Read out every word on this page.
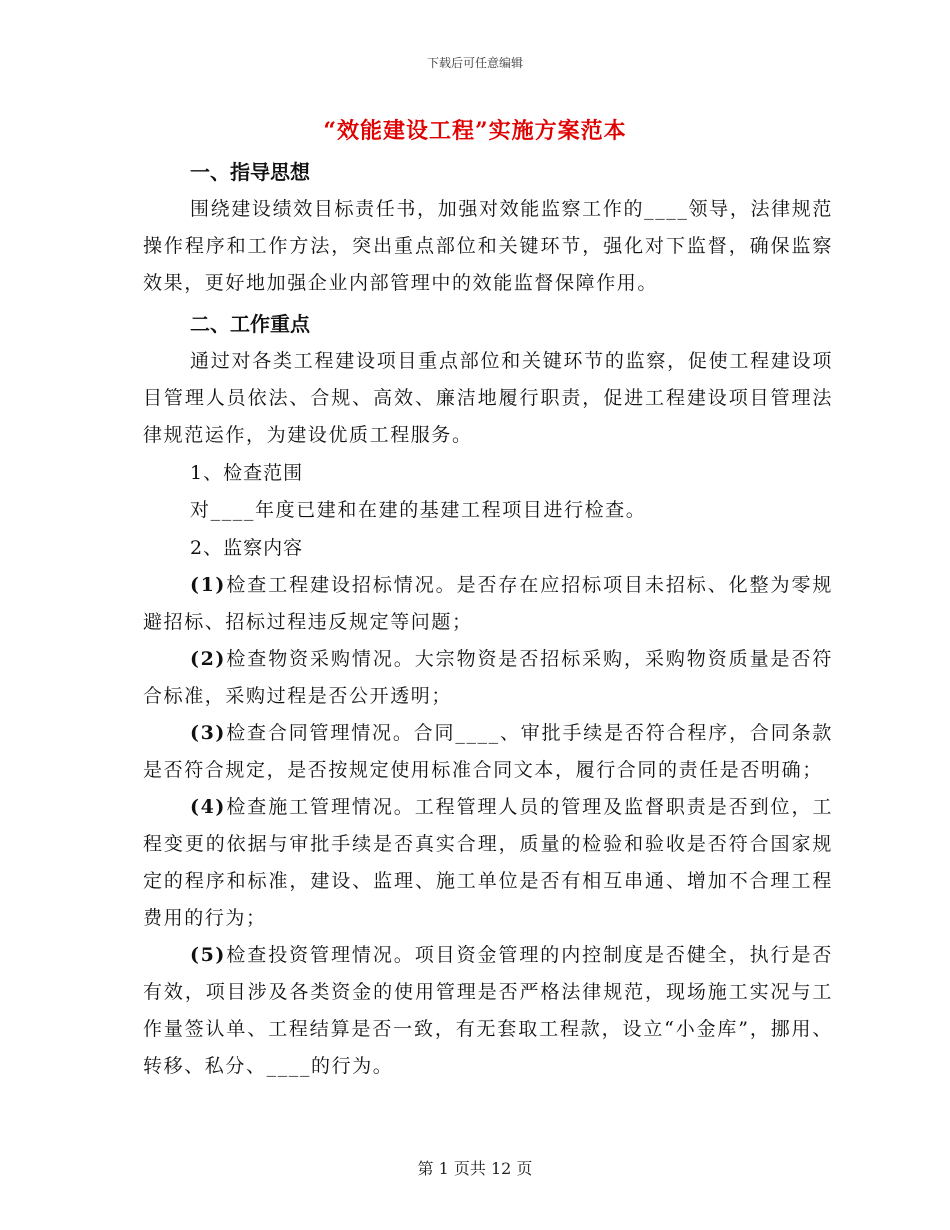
下载后可任意编辑
“效能建设工程”实施方案范本
一、指导思想
围绕建设绩效目标责任书，加强对效能监察工作的____领导，法律规范操作程序和工作方法，突出重点部位和关键环节，强化对下监督，确保监察效果，更好地加强企业内部管理中的效能监督保障作用。
二、工作重点
通过对各类工程建设项目重点部位和关键环节的监察，促使工程建设项目管理人员依法、合规、高效、廉洁地履行职责，促进工程建设项目管理法律规范运作，为建设优质工程服务。
1、检查范围
对____年度已建和在建的基建工程项目进行检查。
2、监察内容
(1)检查工程建设招标情况。是否存在应招标项目未招标、化整为零规避招标、招标过程违反规定等问题；
(2)检查物资采购情况。大宗物资是否招标采购，采购物资质量是否符合标准，采购过程是否公开透明；
(3)检查合同管理情况。合同____、审批手续是否符合程序，合同条款是否符合规定，是否按规定使用标准合同文本，履行合同的责任是否明确；
(4)检查施工管理情况。工程管理人员的管理及监督职责是否到位，工程变更的依据与审批手续是否真实合理，质量的检验和验收是否符合国家规定的程序和标准，建设、监理、施工单位是否有相互串通、增加不合理工程费用的行为；
(5)检查投资管理情况。项目资金管理的内控制度是否健全，执行是否有效，项目涉及各类资金的使用管理是否严格法律规范，现场施工实况与工作量签认单、工程结算是否一致，有无套取工程款，设立“小金库”，挪用、转移、私分、____的行为。
第 1 页共 12 页
